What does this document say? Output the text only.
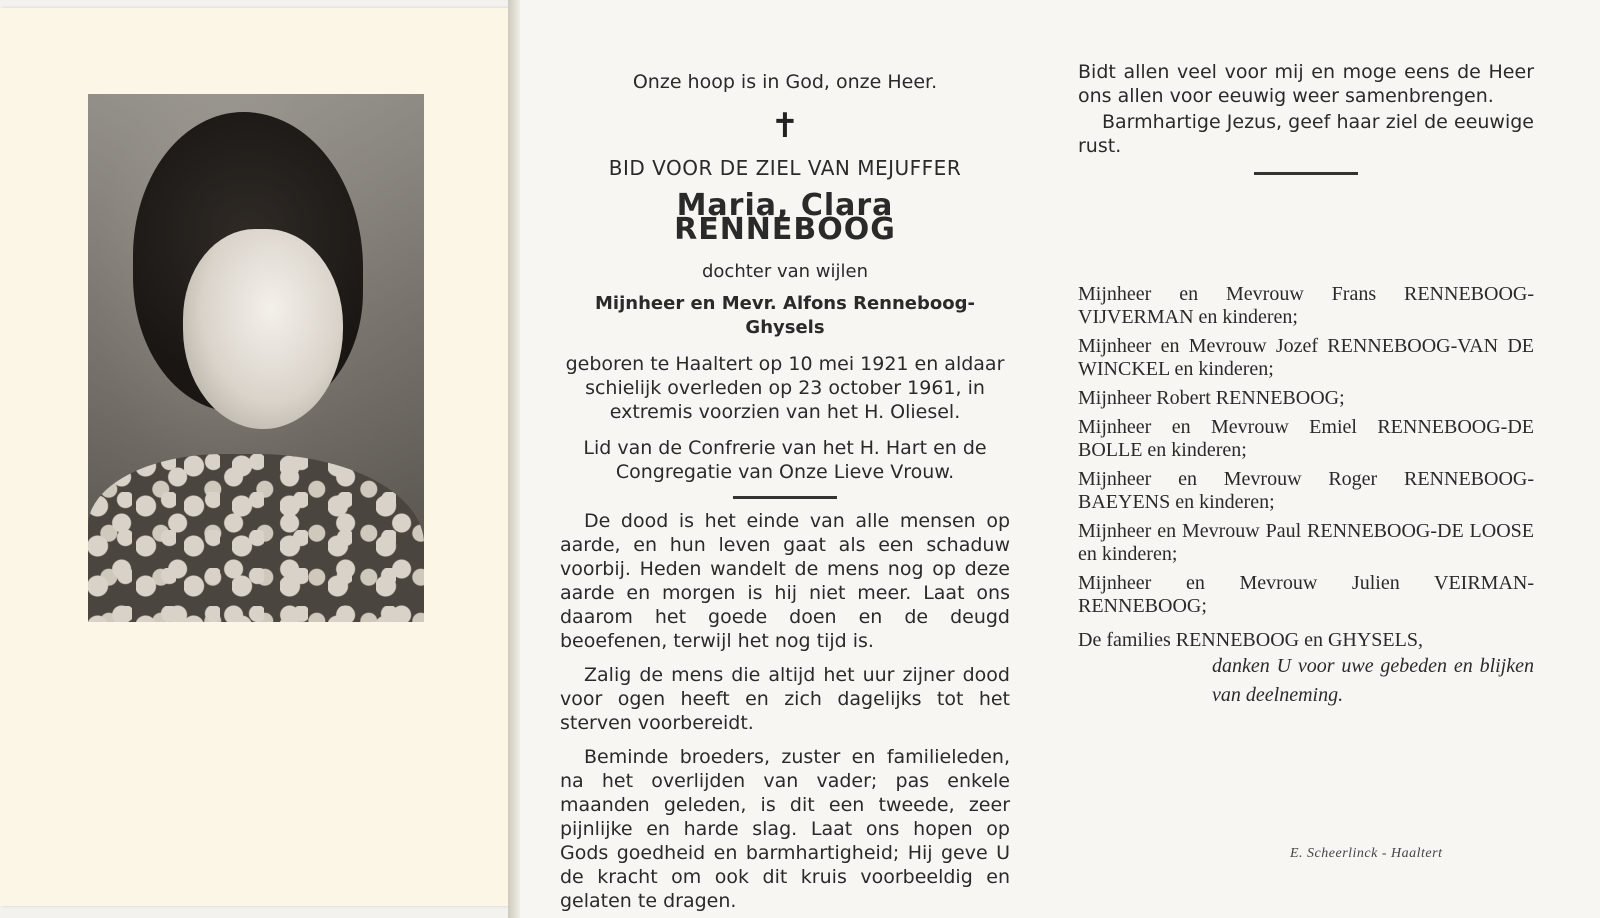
Onze hoop is in God, onze Heer.
✝
BID VOOR DE ZIEL VAN MEJUFFER
Maria, Clara RENNEBOOG
dochter van wijlen
Mijnheer en Mevr. Alfons Renneboog-Ghysels
geboren te Haaltert op 10 mei 1921 en aldaar schielijk overleden op 23 october 1961, in extremis voorzien van het H. Oliesel.
Lid van de Confrerie van het H. Hart en de Congregatie van Onze Lieve Vrouw.
De dood is het einde van alle mensen op aarde, en hun leven gaat als een schaduw voorbij. Heden wandelt de mens nog op deze aarde en morgen is hij niet meer. Laat ons daarom het goede doen en de deugd beoefenen, terwijl het nog tijd is.
Zalig de mens die altijd het uur zijner dood voor ogen heeft en zich dagelijks tot het sterven voorbereidt.
Beminde broeders, zuster en familieleden, na het overlijden van vader; pas enkele maanden geleden, is dit een tweede, zeer pijnlijke en harde slag. Laat ons hopen op Gods goedheid en barmhartigheid; Hij geve U de kracht om ook dit kruis voorbeeldig en gelaten te dragen.
Bidt allen veel voor mij en moge eens de Heer ons allen voor eeuwig weer samenbrengen.
Barmhartige Jezus, geef haar ziel de eeuwige rust.
Mijnheer en Mevrouw Frans RENNEBOOG-VIJVERMAN en kinderen;
Mijnheer en Mevrouw Jozef RENNEBOOG-VAN DE WINCKEL en kinderen;
Mijnheer Robert RENNEBOOG;
Mijnheer en Mevrouw Emiel RENNEBOOG-DE BOLLE en kinderen;
Mijnheer en Mevrouw Roger RENNEBOOG-BAEYENS en kinderen;
Mijnheer en Mevrouw Paul RENNEBOOG-DE LOOSE en kinderen;
Mijnheer en Mevrouw Julien VEIRMAN-RENNEBOOG;
De families RENNEBOOG en GHYSELS,
danken U voor uwe gebeden en blijken van deelneming.
E. Scheerlinck - Haaltert
